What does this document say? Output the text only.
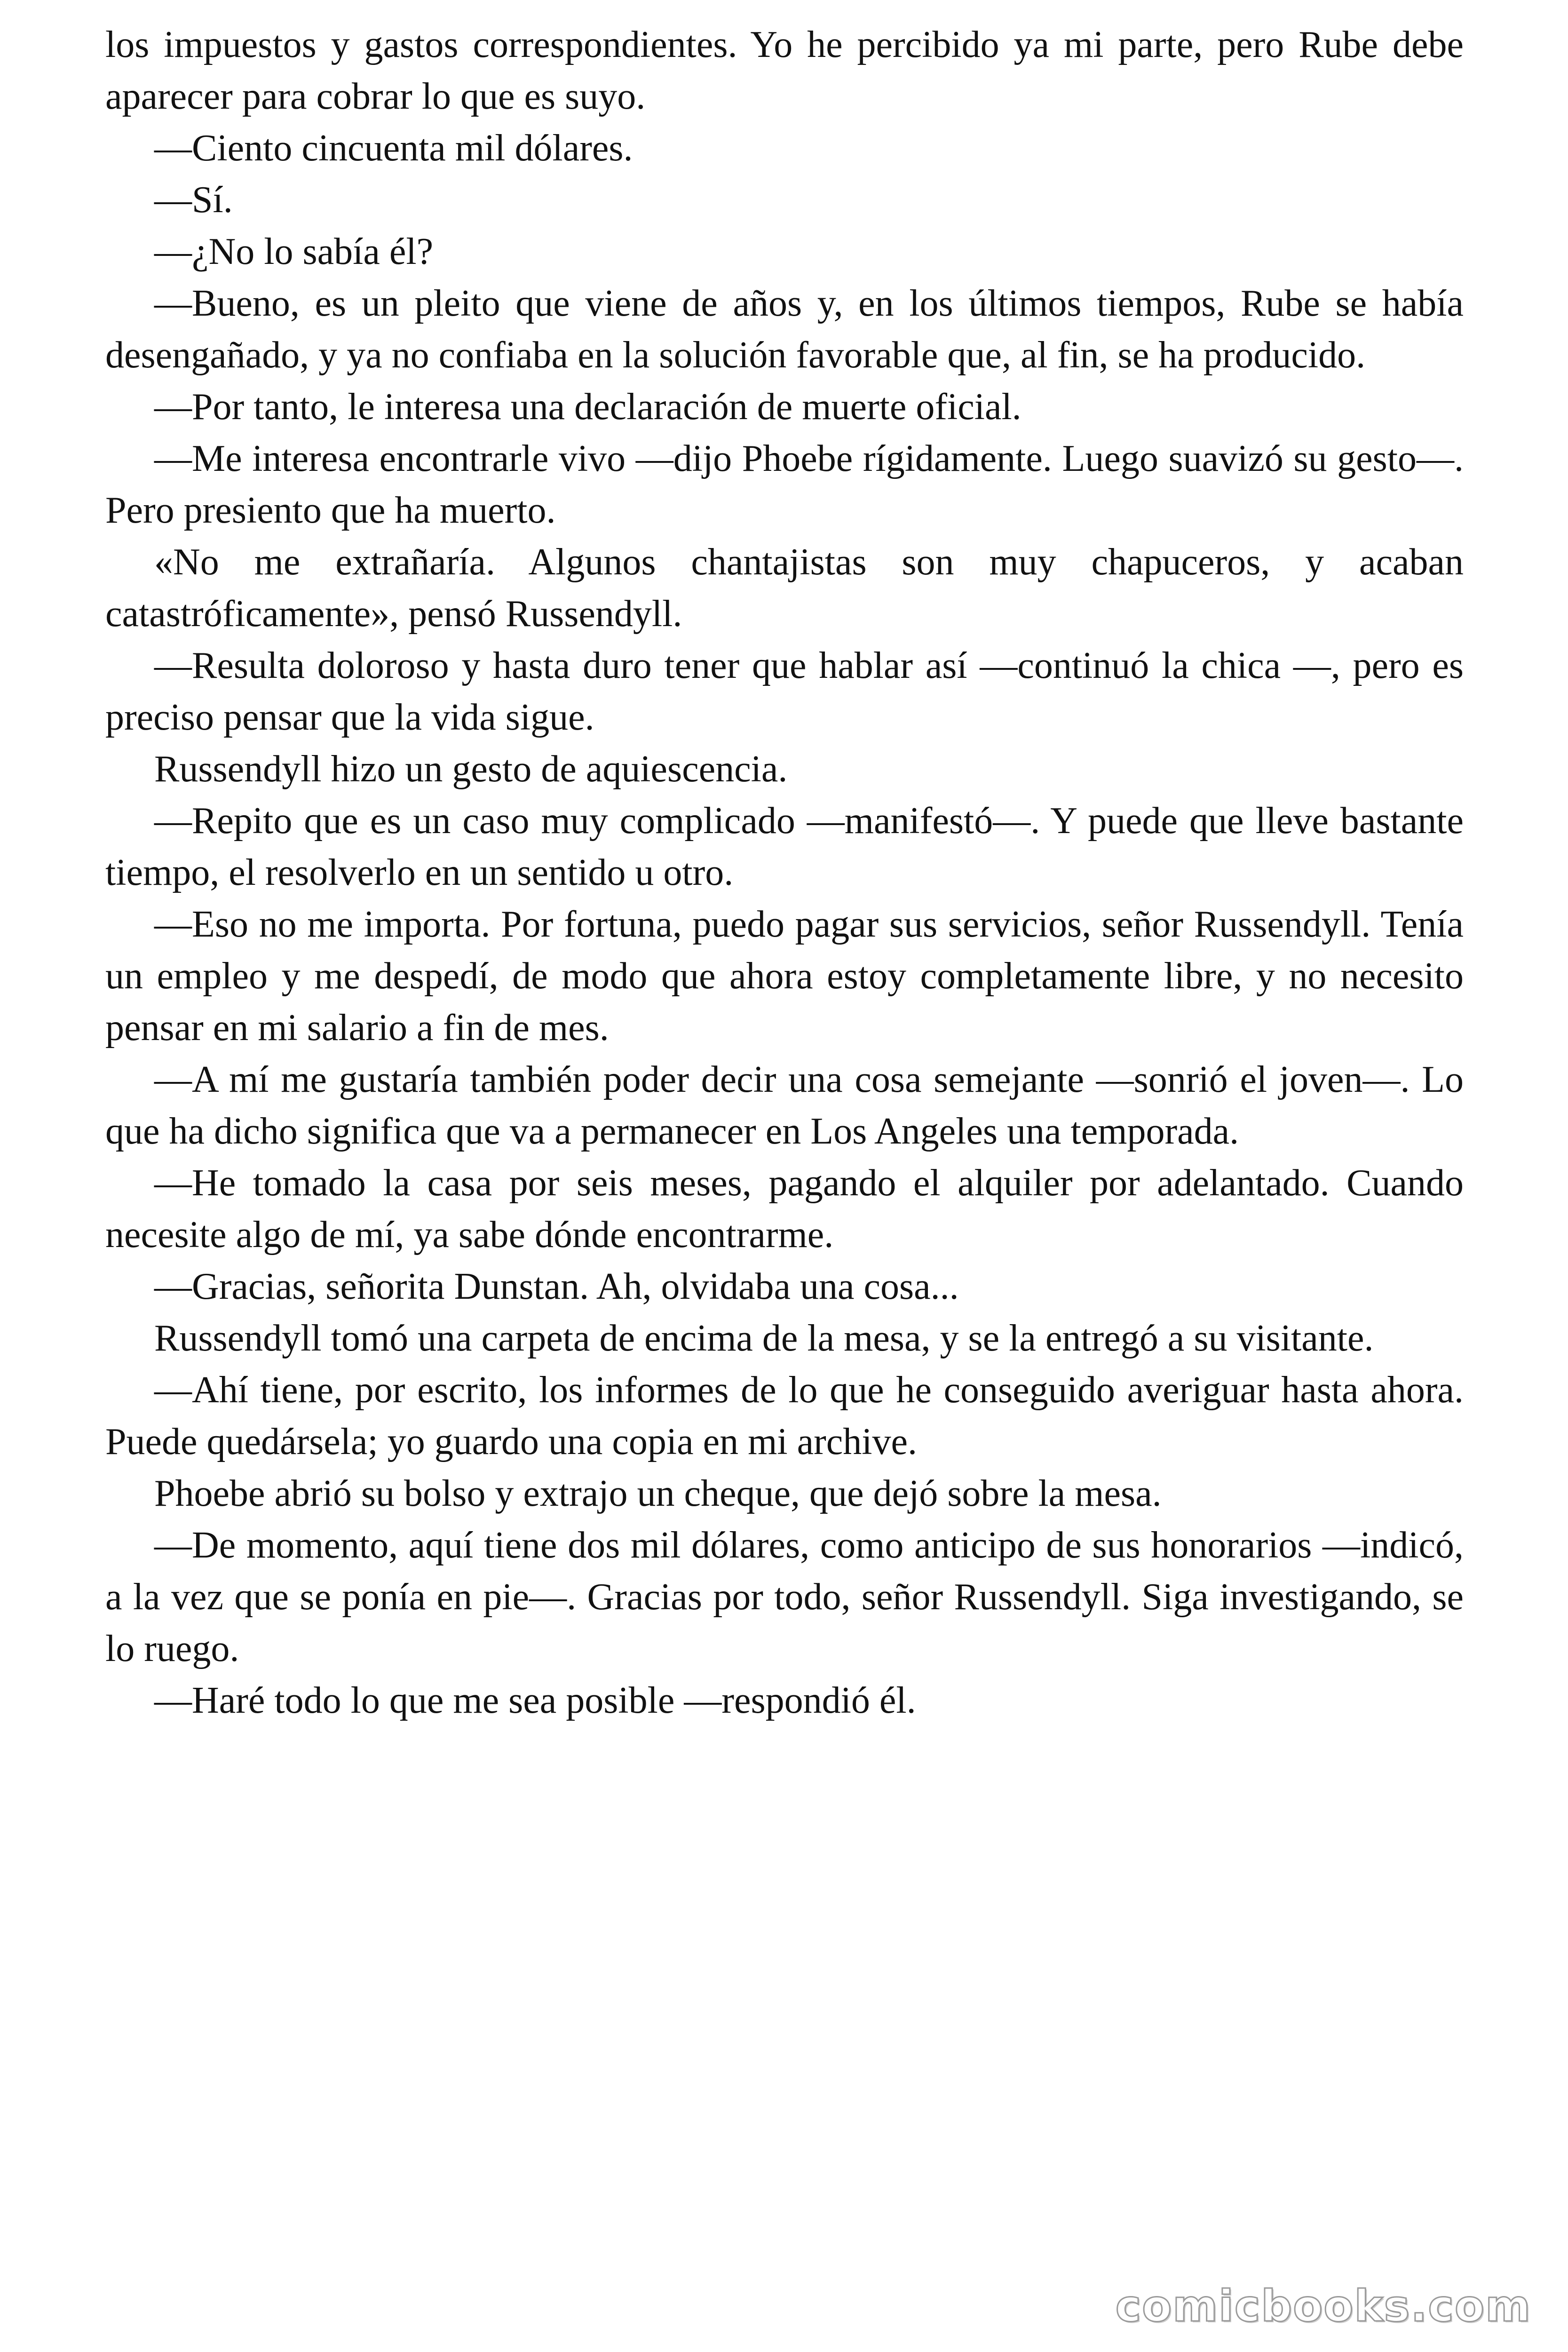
los impuestos y gastos correspondientes. Yo he percibido ya mi parte, pero Rube debe aparecer para cobrar lo que es suyo.

—Ciento cincuenta mil dólares.

—Sí.

—¿No lo sabía él?

—Bueno, es un pleito que viene de años y, en los últimos tiempos, Rube se había desengañado, y ya no confiaba en la solución favorable que, al fin, se ha producido.

—Por tanto, le interesa una declaración de muerte oficial.

—Me interesa encontrarle vivo —dijo Phoebe rígidamente. Luego suavizó su gesto—. Pero presiento que ha muerto.

«No me extrañaría. Algunos chantajistas son muy chapuceros, y acaban catastróficamente», pensó Russendyll.

—Resulta doloroso y hasta duro tener que hablar así —continuó la chica —, pero es preciso pensar que la vida sigue.

Russendyll hizo un gesto de aquiescencia.

—Repito que es un caso muy complicado —manifestó—. Y puede que lleve bastante tiempo, el resolverlo en un sentido u otro.

—Eso no me importa. Por fortuna, puedo pagar sus servicios, señor Russendyll. Tenía un empleo y me despedí, de modo que ahora estoy completamente libre, y no necesito pensar en mi salario a fin de mes.

—A mí me gustaría también poder decir una cosa semejante —sonrió el joven—. Lo que ha dicho significa que va a permanecer en Los Angeles una temporada.

—He tomado la casa por seis meses, pagando el alquiler por adelantado. Cuando necesite algo de mí, ya sabe dónde encontrarme.

—Gracias, señorita Dunstan. Ah, olvidaba una cosa...

Russendyll tomó una carpeta de encima de la mesa, y se la entregó a su visitante.

—Ahí tiene, por escrito, los informes de lo que he conseguido averiguar hasta ahora. Puede quedársela; yo guardo una copia en mi archive.

Phoebe abrió su bolso y extrajo un cheque, que dejó sobre la mesa.

—De momento, aquí tiene dos mil dólares, como anticipo de sus honorarios —indicó, a la vez que se ponía en pie—. Gracias por todo, señor Russendyll. Siga investigando, se lo ruego.

—Haré todo lo que me sea posible —respondió él.

comicbooks.com
